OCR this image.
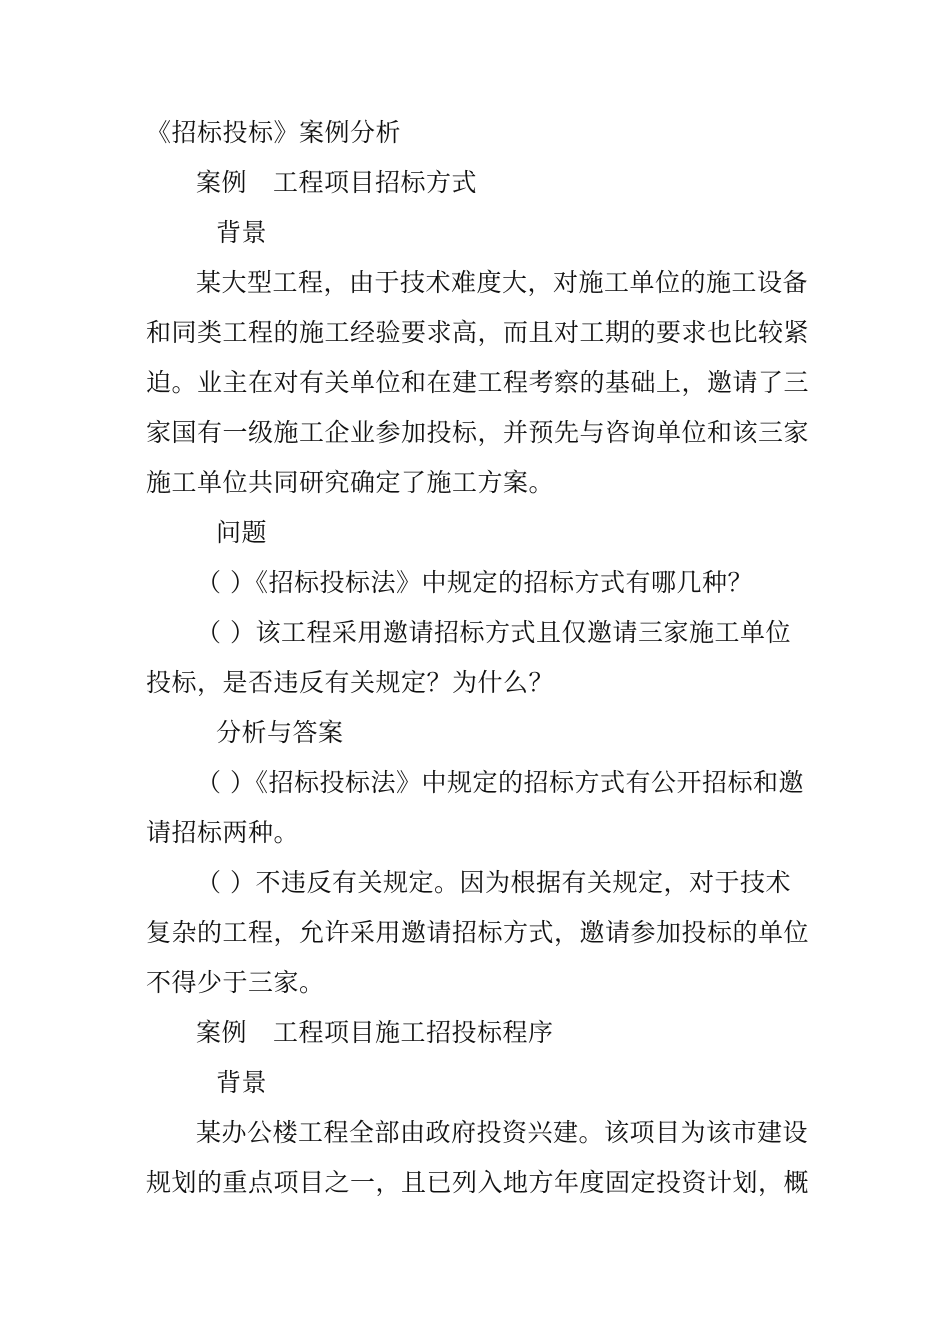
《招标投标》案例分析
案例 工程项目招标方式
背景
某大型工程，由于技术难度大，对施工单位的施工设备
和同类工程的施工经验要求高，而且对工期的要求也比较紧
迫。业主在对有关单位和在建工程考察的基础上，邀请了三
家国有一级施工企业参加投标，并预先与咨询单位和该三家
施工单位共同研究确定了施工方案。
问题
（ ）《招标投标法》中规定的招标方式有哪几种？
（ ）该工程采用邀请招标方式且仅邀请三家施工单位
投标，是否违反有关规定？为什么？
分析与答案
（ ）《招标投标法》中规定的招标方式有公开招标和邀
请招标两种。
（ ）不违反有关规定。因为根据有关规定，对于技术
复杂的工程，允许采用邀请招标方式，邀请参加投标的单位
不得少于三家。
案例 工程项目施工招投标程序
背景
某办公楼工程全部由政府投资兴建。该项目为该市建设
规划的重点项目之一，且已列入地方年度固定投资计划，概
